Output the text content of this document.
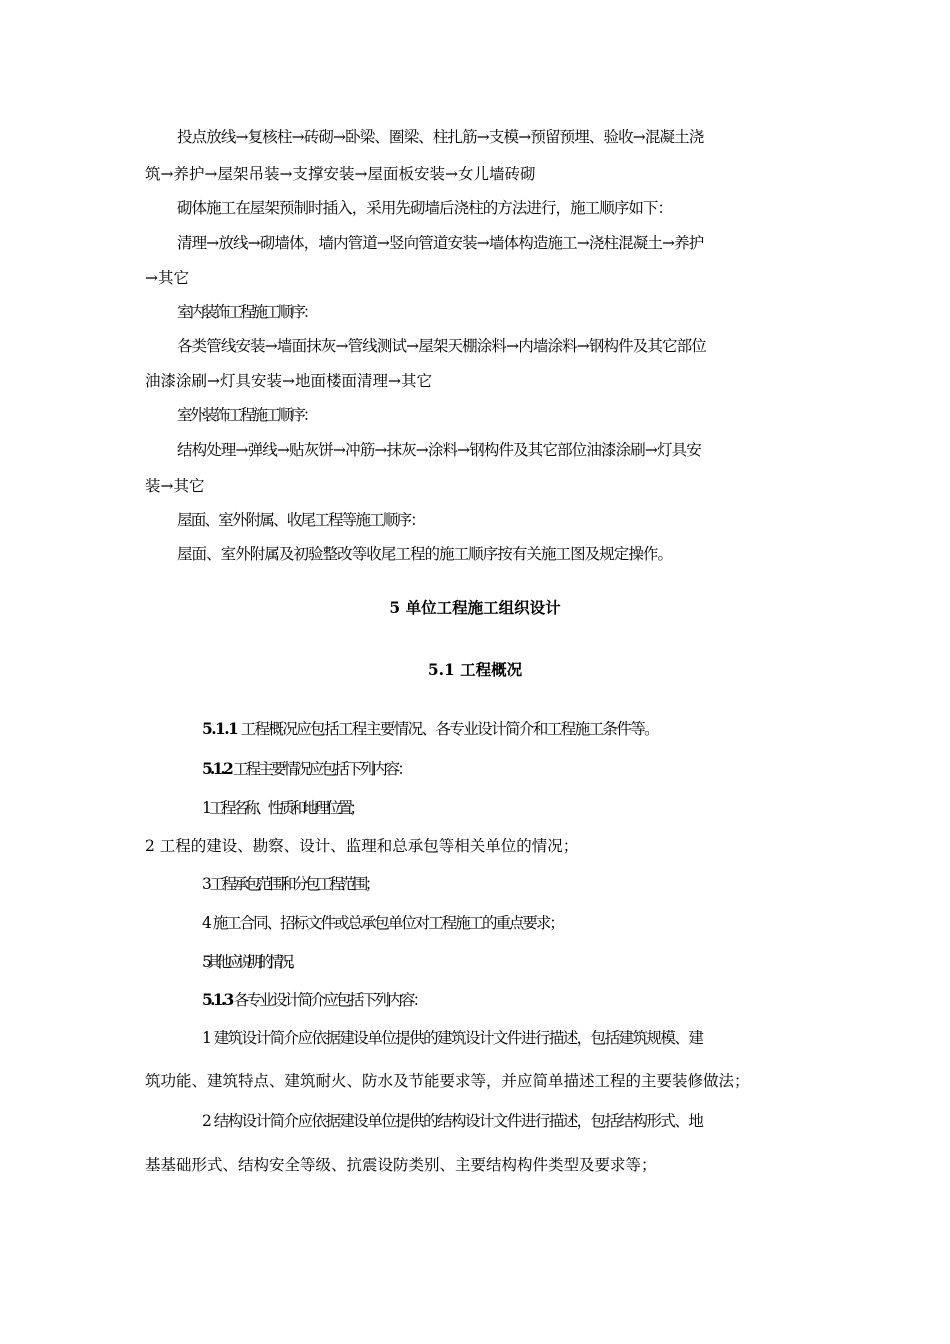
投点放线→复核柱→砖砌→卧梁、圈梁、柱扎筋→支模→预留预埋、验收→混凝土浇
筑→养护→屋架吊装→支撑安装→屋面板安装→女儿墙砖砌
砌体施工在屋架预制时插入，采用先砌墙后浇柱的方法进行，施工顺序如下：
清理→放线→砌墙体，墙内管道→竖向管道安装→墙体构造施工→浇柱混凝土→养护
→其它
室内装饰工程施工顺序：
各类管线安装→墙面抹灰→管线测试→屋架天棚涂料→内墙涂料→钢构件及其它部位
油漆涂刷→灯具安装→地面楼面清理→其它
室外装饰工程施工顺序：
结构处理→弹线→贴灰饼→冲筋→抹灰→涂料→钢构件及其它部位油漆涂刷→灯具安
装→其它
屋面、室外附属、收尾工程等施工顺序：
屋面、室外附属及初验整改等收尾工程的施工顺序按有关施工图及规定操作。
5 单位工程施工组织设计
5.1 工程概况
5.1.1 工程概况应包括工程主要情况、各专业设计简介和工程施工条件等。
5.1.2 工程主要情况应包括下列内容：
1 工程名称、性质和地理位置；
2 工程的建设、勘察、设计、监理和总承包等相关单位的情况；
3 工程承包范围和分包工程范围；
4 施工合同、招标文件或总承包单位对工程施工的重点要求；
5 其他应说明的情况。
5.1.3 各专业设计简介应包括下列内容：
1 建筑设计简介应依据建设单位提供的建筑设计文件进行描述，包括建筑规模、建
筑功能、建筑特点、建筑耐火、防水及节能要求等，并应简单描述工程的主要装修做法；
2 结构设计简介应依据建设单位提供的结构设计文件进行描述，包括结构形式、地
基基础形式、结构安全等级、抗震设防类别、主要结构构件类型及要求等；
